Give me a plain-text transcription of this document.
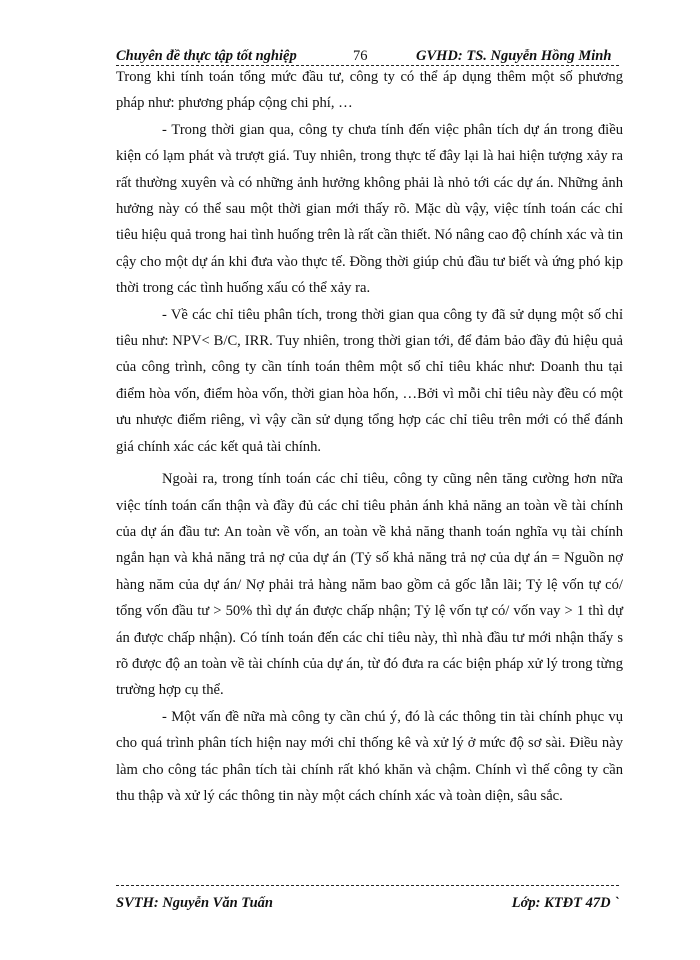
Chuyên đề thực tập tốt nghiệp	76	GVHD: TS. Nguyễn Hồng Minh

Trong khi tính toán tổng mức đầu tư, công ty có thể áp dụng thêm một số phương pháp như: phương pháp cộng chi phí, …

- Trong thời gian qua, công ty chưa tính đến việc phân tích dự án trong điều kiện có lạm phát và trượt giá. Tuy nhiên, trong thực tế đây lại là hai hiện tượng xảy ra rất thường xuyên và có những ảnh hưởng không phải là nhỏ tới các dự án. Những ảnh hưởng này có thể sau một thời gian mới thấy rõ. Mặc dù vậy, việc tính toán các chỉ tiêu hiệu quả trong hai tình huống trên là rất cần thiết. Nó nâng cao độ chính xác và tin cậy cho một dự án khi đưa vào thực tế. Đồng thời giúp chủ đầu tư biết và ứng phó kịp thời trong các tình huống xấu có thể xảy ra.

- Về các chỉ tiêu phân tích, trong thời gian qua công ty đã sử dụng một số chỉ tiêu như: NPV< B/C, IRR. Tuy nhiên, trong thời gian tới, để đảm bảo đầy đủ hiệu quả của công trình, công ty cần tính toán thêm một số chỉ tiêu khác như: Doanh thu tại điểm hòa vốn, điểm hòa vốn, thời gian hòa hốn, …Bởi vì mỗi chỉ tiêu này đều có một ưu nhược điểm riêng, vì vậy cần sử dụng tổng hợp các chỉ tiêu trên mới có thể đánh giá chính xác các kết quả tài chính.

Ngoài ra, trong tính toán các chỉ tiêu, công ty cũng nên tăng cường hơn nữa việc tính toán cẩn thận và đầy đủ các chỉ tiêu phản ánh khả năng an toàn về tài chính của dự án đầu tư: An toàn về vốn, an toàn về khả năng thanh toán nghĩa vụ tài chính ngắn hạn và khả năng trả nợ của dự án (Tỷ số khả năng trả nợ của dự án = Nguồn nợ hàng năm của dự án/ Nợ phải trả hàng năm bao gồm cả gốc lẫn lãi; Tỷ lệ vốn tự có/ tổng vốn đầu tư > 50% thì dự án được chấp nhận; Tỷ lệ vốn tự có/ vốn vay > 1 thì dự án được chấp nhận). Có tính toán đến các chỉ tiêu này, thì nhà đầu tư mới nhận thấy s rõ được độ an toàn về tài chính của dự án, từ đó đưa ra các biện pháp xử lý trong từng trường hợp cụ thể.

- Một vấn đề nữa mà công ty cần chú ý, đó là các thông tin tài chính phục vụ cho quá trình phân tích hiện nay mới chỉ thống kê và xử lý ở mức độ sơ sài. Điều này làm cho công tác phân tích tài chính rất khó khăn và chậm. Chính vì thế công ty cần thu thập và xử lý các thông tin này một cách chính xác và toàn diện, sâu sắc.

SVTH: Nguyễn Văn Tuấn	Lớp: KTĐT 47D `
